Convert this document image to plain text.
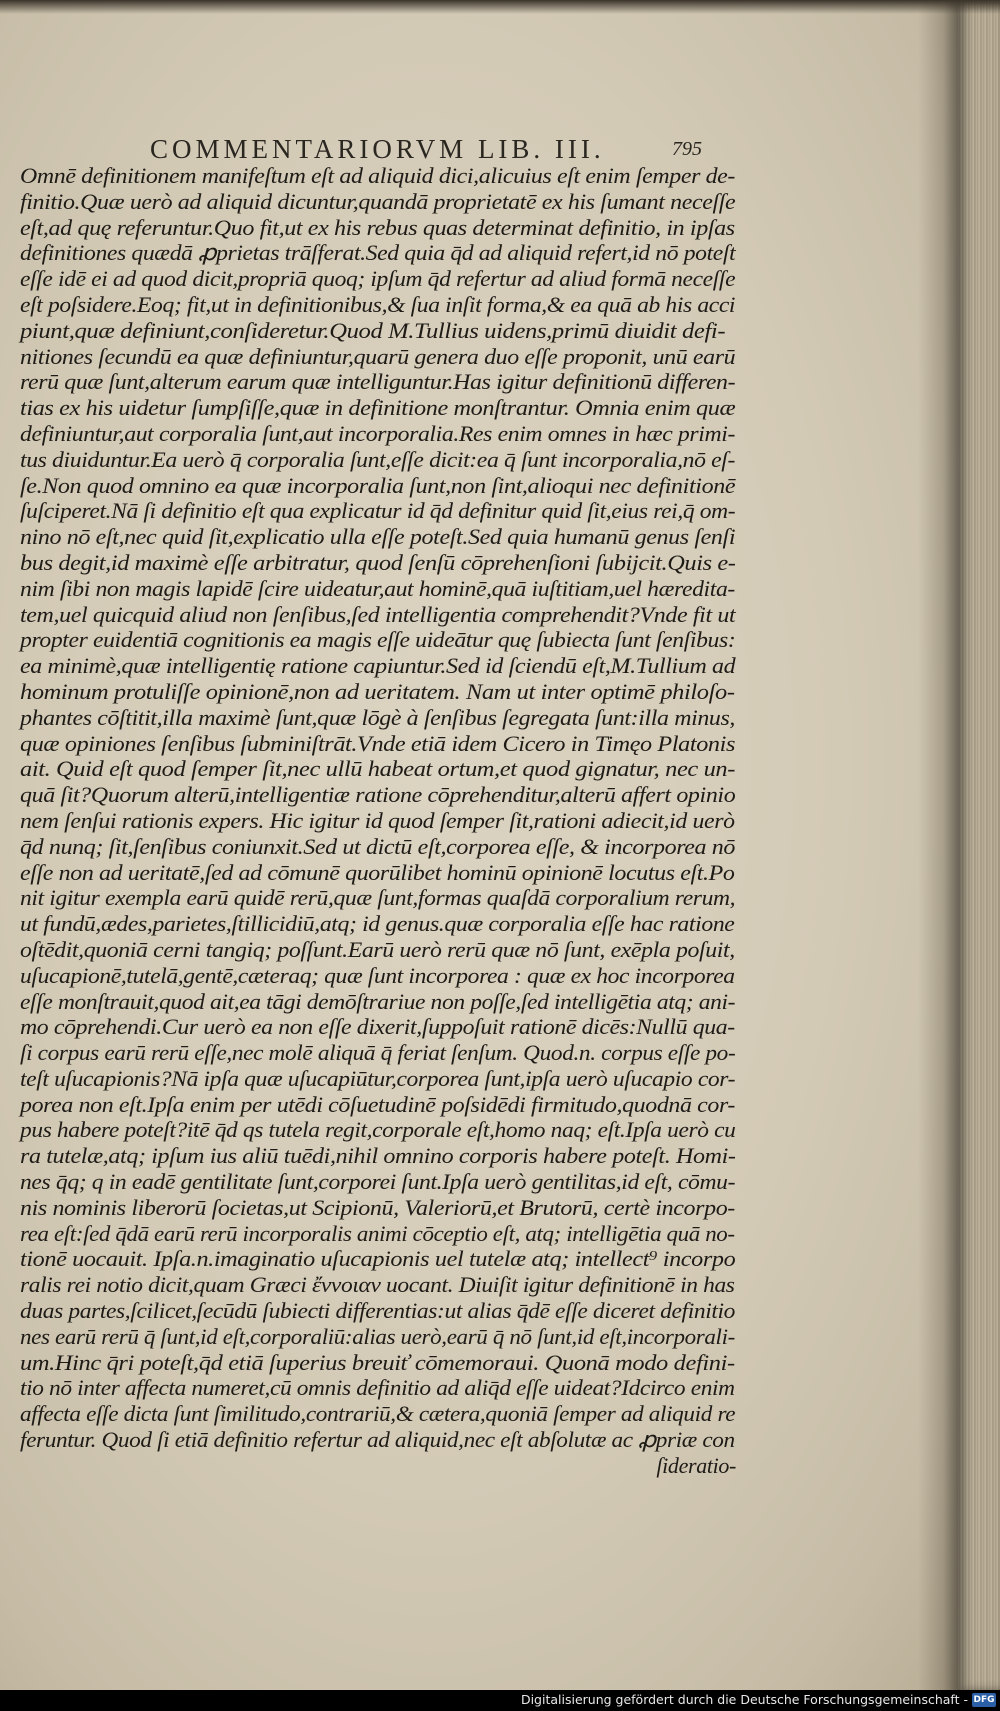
COMMENTARIORVM LIB. III.	795
Omnē definitionem manifeſtum eſt ad aliquid dici,alicuius eſt enim ſemper de-
finitio.Quæ uerò ad aliquid dicuntur,quandā proprietatē ex his ſumant neceſſe
eſt,ad quę referuntur.Quo fit,ut ex his rebus quas determinat definitio, in ipſas
definitiones quædā ꝓprietas trāſferat.Sed quia q̄d ad aliquid refert,id nō poteſt
eſſe idē ei ad quod dicit,propriā quoq; ipſum q̄d refertur ad aliud formā neceſſe
eſt poſsidere.Eoq; fit,ut in definitionibus,& ſua inſit forma,& ea quā ab his acci
piunt,quæ definiunt,conſideretur.Quod M.Tullius uidens,primū diuidit defi-
nitiones ſecundū ea quæ definiuntur,quarū genera duo eſſe proponit, unū earū
rerū quæ ſunt,alterum earum quæ intelliguntur.Has igitur definitionū differen-
tias ex his uidetur ſumpſiſſe,quæ in definitione monſtrantur. Omnia enim quæ
definiuntur,aut corporalia ſunt,aut incorporalia.Res enim omnes in hæc primi-
tus diuiduntur.Ea uerò q̄ corporalia ſunt,eſſe dicit:ea q̄ ſunt incorporalia,nō eſ-
ſe.Non quod omnino ea quæ incorporalia ſunt,non ſint,alioqui nec definitionē
ſuſciperet.Nā ſi definitio eſt qua explicatur id q̄d definitur quid ſit,eius rei,q̄ om-
nino nō eſt,nec quid ſit,explicatio ulla eſſe poteſt.Sed quia humanū genus ſenſi
bus degit,id maximè eſſe arbitratur, quod ſenſū cōprehenſioni ſubijcit.Quis e-
nim ſibi non magis lapidē ſcire uideatur,aut hominē,quā iuſtitiam,uel hæredita-
tem,uel quicquid aliud non ſenſibus,ſed intelligentia comprehendit?Vnde fit ut
propter euidentiā cognitionis ea magis eſſe uideātur quę ſubiecta ſunt ſenſibus:
ea minimè,quæ intelligentię ratione capiuntur.Sed id ſciendū eſt,M.Tullium ad
hominum protuliſſe opinionē,non ad ueritatem. Nam ut inter optimē philoſo-
phantes cōſtitit,illa maximè ſunt,quæ lōgè à ſenſibus ſegregata ſunt:illa minus,
quæ opiniones ſenſibus ſubminiſtrāt.Vnde etiā idem Cicero in Timęo Platonis
ait. Quid eſt quod ſemper ſit,nec ullū habeat ortum,et quod gignatur, nec un-
quā ſit?Quorum alterū,intelligentiæ ratione cōprehenditur,alterū affert opinio
nem ſenſui rationis expers. Hic igitur id quod ſemper ſit,rationi adiecit,id uerò
q̄d nunq; ſit,ſenſibus coniunxit.Sed ut dictū eſt,corporea eſſe, & incorporea nō
eſſe non ad ueritatē,ſed ad cōmunē quorūlibet hominū opinionē locutus eſt.Po
nit igitur exempla earū quidē rerū,quæ ſunt,formas quaſdā corporalium rerum,
ut fundū,ædes,parietes,ſtillicidiū,atq; id genus.quæ corporalia eſſe hac ratione
oſtēdit,quoniā cerni tangiq; poſſunt.Earū uerò rerū quæ nō ſunt, exēpla poſuit,
uſucapionē,tutelā,gentē,cæteraq; quæ ſunt incorporea : quæ ex hoc incorporea
eſſe monſtrauit,quod ait,ea tāgi demōſtrariue non poſſe,ſed intelligētia atq; ani-
mo cōprehendi.Cur uerò ea non eſſe dixerit,ſuppoſuit rationē dicēs:Nullū qua-
ſi corpus earū rerū eſſe,nec molē aliquā q̄ feriat ſenſum. Quod.n. corpus eſſe po-
teſt uſucapionis?Nā ipſa quæ uſucapiūtur,corporea ſunt,ipſa uerò uſucapio cor-
porea non eſt.Ipſa enim per utēdi cōſuetudinē poſsidēdi firmitudo,quodnā cor-
pus habere poteſt?itē q̄d qs tutela regit,corporale eſt,homo naq; eſt.Ipſa uerò cu
ra tutelæ,atq; ipſum ius aliū tuēdi,nihil omnino corporis habere poteſt. Homi-
nes q̄q; q in eadē gentilitate ſunt,corporei ſunt.Ipſa uerò gentilitas,id eſt, cōmu-
nis nominis liberorū ſocietas,ut Scipionū, Valeriorū,et Brutorū, certè incorpo-
rea eſt:ſed q̄dā earū rerū incorporalis animi cōceptio eſt, atq; intelligētia quā no-
tionē uocauit. Ipſa.n.imaginatio uſucapionis uel tutelæ atq; intellect⁹ incorpo
ralis rei notio dicit,quam Græci ἔννοιαν uocant. Diuiſit igitur definitionē in has
duas partes,ſcilicet,ſecūdū ſubiecti differentias:ut alias q̄dē eſſe diceret definitio
nes earū rerū q̄ ſunt,id eſt,corporaliū:alias uerò,earū q̄ nō ſunt,id eſt,incorporali-
um.Hinc q̄ri poteſt,q̄d etiā ſuperius breuiť cōmemoraui. Quonā modo defini-
tio nō inter affecta numeret,cū omnis definitio ad aliq̄d eſſe uideat?Idcirco enim
affecta eſſe dicta ſunt ſimilitudo,contrariū,& cætera,quoniā ſemper ad aliquid re
feruntur. Quod ſi etiā definitio refertur ad aliquid,nec eſt abſolutæ ac ꝓpriæ con
ſideratio-
Digitalisierung gefördert durch die Deutsche Forschungsgemeinschaft - DFG
